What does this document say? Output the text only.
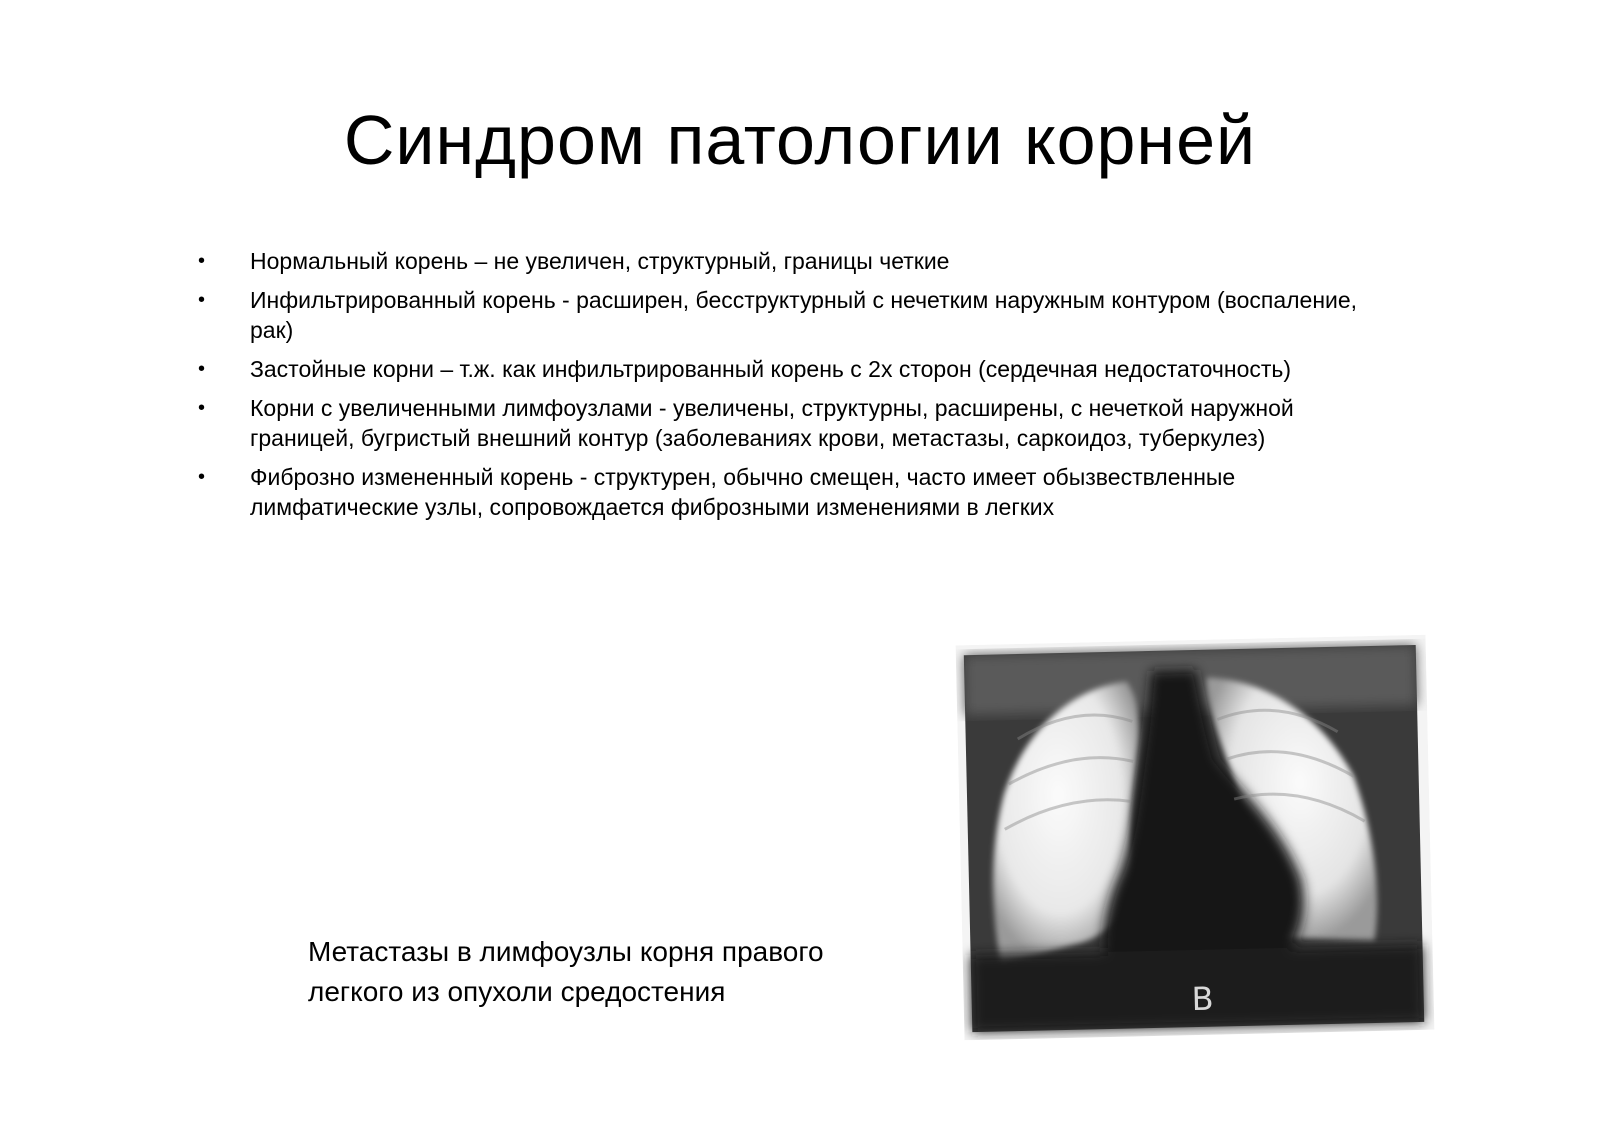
Синдром патологии корней
• Нормальный корень – не увеличен, структурный, границы четкие
• Инфильтрированный корень - расширен, бесструктурный с нечетким наружным контуром (воспаление, рак)
• Застойные корни – т.ж. как инфильтрированный корень с 2х сторон (сердечная недостаточность)
• Корни с увеличенными лимфоузлами - увеличены, структурны, расширены, с нечеткой наружной границей, бугристый внешний контур (заболеваниях крови, метастазы, саркоидоз, туберкулез)
• Фиброзно измененный корень - структурен, обычно смещен, часто имеет обызвествленные лимфатические узлы, сопровождается фиброзными изменениями в легких
Метастазы в лимфоузлы корня правого
легкого из опухоли средостения	B
